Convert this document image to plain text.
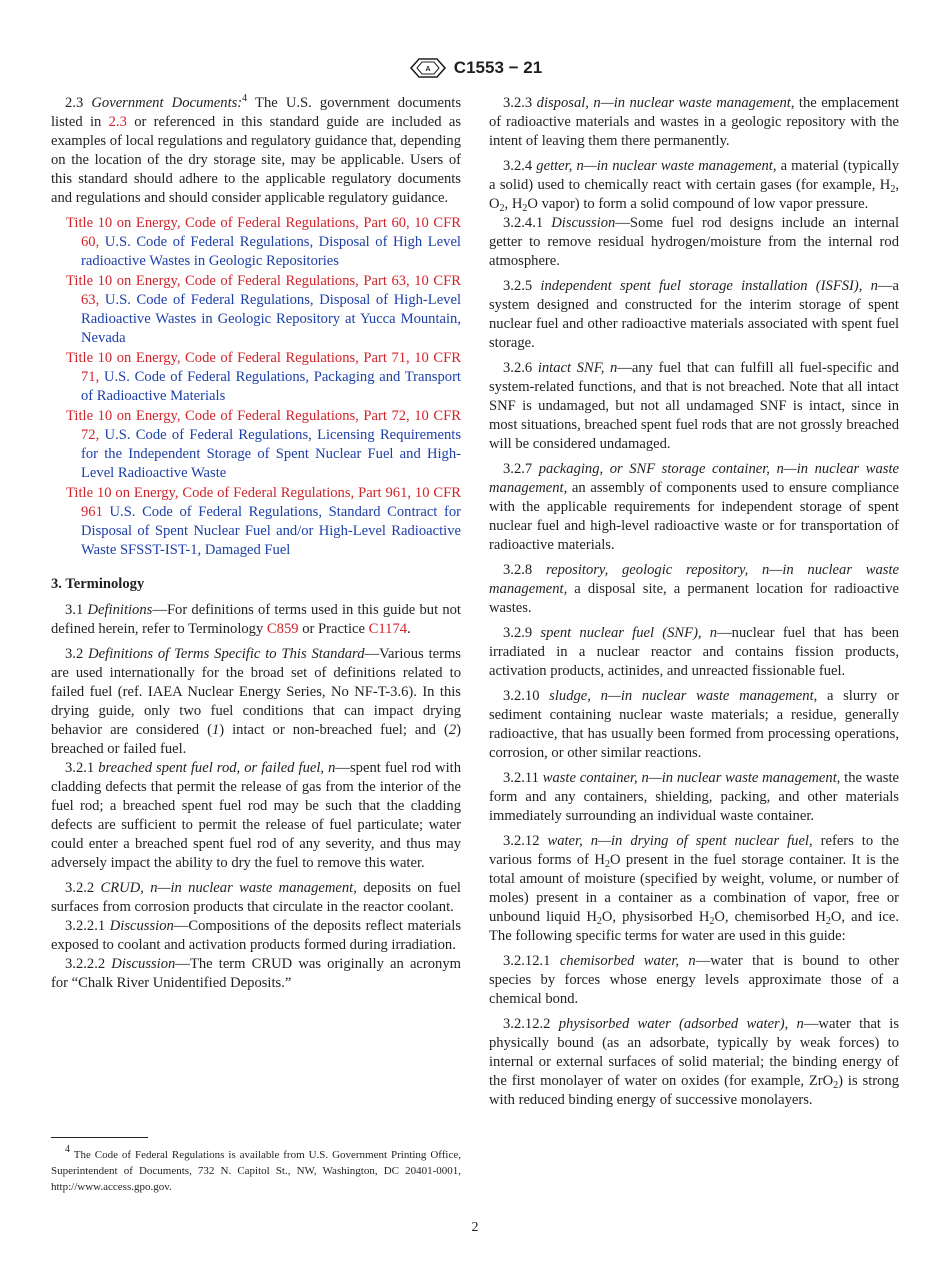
A C1553 − 21

2.3 Government Documents:$^4$ The U.S. government documents listed in 2.3 or referenced in this standard guide are included as examples of local regulations and regulatory guidance that, depending on the location of the dry storage site, may be applicable. Users of this standard should adhere to the applicable regulatory documents and regulations and should consider applicable regulatory guidance.

Title 10 on Energy, Code of Federal Regulations, Part 60, 10 CFR 60, U.S. Code of Federal Regulations, Disposal of High Level radioactive Wastes in Geologic Repositories
Title 10 on Energy, Code of Federal Regulations, Part 63, 10 CFR 63, U.S. Code of Federal Regulations, Disposal of High-Level Radioactive Wastes in Geologic Repository at Yucca Mountain, Nevada
Title 10 on Energy, Code of Federal Regulations, Part 71, 10 CFR 71, U.S. Code of Federal Regulations, Packaging and Transport of Radioactive Materials
Title 10 on Energy, Code of Federal Regulations, Part 72, 10 CFR 72, U.S. Code of Federal Regulations, Licensing Requirements for the Independent Storage of Spent Nuclear Fuel and High-Level Radioactive Waste
Title 10 on Energy, Code of Federal Regulations, Part 961, 10 CFR 961 U.S. Code of Federal Regulations, Standard Contract for Disposal of Spent Nuclear Fuel and/or High-Level Radioactive Waste SFSST-IST-1, Damaged Fuel

3. Terminology

3.1 Definitions—For definitions of terms used in this guide but not defined herein, refer to Terminology C859 or Practice C1174.

3.2 Definitions of Terms Specific to This Standard—Various terms are used internationally for the broad set of definitions related to failed fuel (ref. IAEA Nuclear Energy Series, No NF-T-3.6). In this drying guide, only two fuel conditions that can impact drying behavior are considered (1) intact or non-breached fuel; and (2) breached or failed fuel.

3.2.1 breached spent fuel rod, or failed fuel, n—spent fuel rod with cladding defects that permit the release of gas from the interior of the fuel rod; a breached spent fuel rod may be such that the cladding defects are sufficient to permit the release of fuel particulate; water could enter a breached spent fuel rod of any severity, and thus may adversely impact the ability to dry the fuel to remove this water.

3.2.2 CRUD, n—in nuclear waste management, deposits on fuel surfaces from corrosion products that circulate in the reactor coolant.

3.2.2.1 Discussion—Compositions of the deposits reflect materials exposed to coolant and activation products formed during irradiation.

3.2.2.2 Discussion—The term CRUD was originally an acronym for “Chalk River Unidentified Deposits.”

3.2.3 disposal, n—in nuclear waste management, the emplacement of radioactive materials and wastes in a geologic repository with the intent of leaving them there permanently.

3.2.4 getter, n—in nuclear waste management, a material (typically a solid) used to chemically react with certain gases (for example, $H_2$, $O_2$, $H_2O$ vapor) to form a solid compound of low vapor pressure.

3.2.4.1 Discussion—Some fuel rod designs include an internal getter to remove residual hydrogen/moisture from the internal rod atmosphere.

3.2.5 independent spent fuel storage installation (ISFSI), n—a system designed and constructed for the interim storage of spent nuclear fuel and other radioactive materials associated with spent fuel storage.

3.2.6 intact SNF, n—any fuel that can fulfill all fuel-specific and system-related functions, and that is not breached. Note that all intact SNF is undamaged, but not all undamaged SNF is intact, since in most situations, breached spent fuel rods that are not grossly breached will be considered undamaged.

3.2.7 packaging, or SNF storage container, n—in nuclear waste management, an assembly of components used to ensure compliance with the applicable requirements for independent storage of spent nuclear fuel and high-level radioactive waste or for transportation of radioactive materials.

3.2.8 repository, geologic repository, n—in nuclear waste management, a disposal site, a permanent location for radioactive wastes.

3.2.9 spent nuclear fuel (SNF), n—nuclear fuel that has been irradiated in a nuclear reactor and contains fission products, activation products, actinides, and unreacted fissionable fuel.

3.2.10 sludge, n—in nuclear waste management, a slurry or sediment containing nuclear waste materials; a residue, generally radioactive, that has usually been formed from processing operations, corrosion, or other similar reactions.

3.2.11 waste container, n—in nuclear waste management, the waste form and any containers, shielding, packing, and other materials immediately surrounding an individual waste container.

3.2.12 water, n—in drying of spent nuclear fuel, refers to the various forms of $H_2O$ present in the fuel storage container. It is the total amount of moisture (specified by weight, volume, or number of moles) present in a container as a combination of vapor, free or unbound liquid $H_2O$, physisorbed $H_2O$, chemisorbed $H_2O$, and ice. The following specific terms for water are used in this guide:

3.2.12.1 chemisorbed water, n—water that is bound to other species by forces whose energy levels approximate those of a chemical bond.

3.2.12.2 physisorbed water (adsorbed water), n—water that is physically bound (as an adsorbate, typically by weak forces) to internal or external surfaces of solid material; the binding energy of the first monolayer of water on oxides (for example, ZrO$_2$) is strong with reduced binding energy of successive monolayers.

$^4$ The Code of Federal Regulations is available from U.S. Government Printing Office, Superintendent of Documents, 732 N. Capitol St., NW, Washington, DC 20401-0001, http://www.access.gpo.gov.
2
